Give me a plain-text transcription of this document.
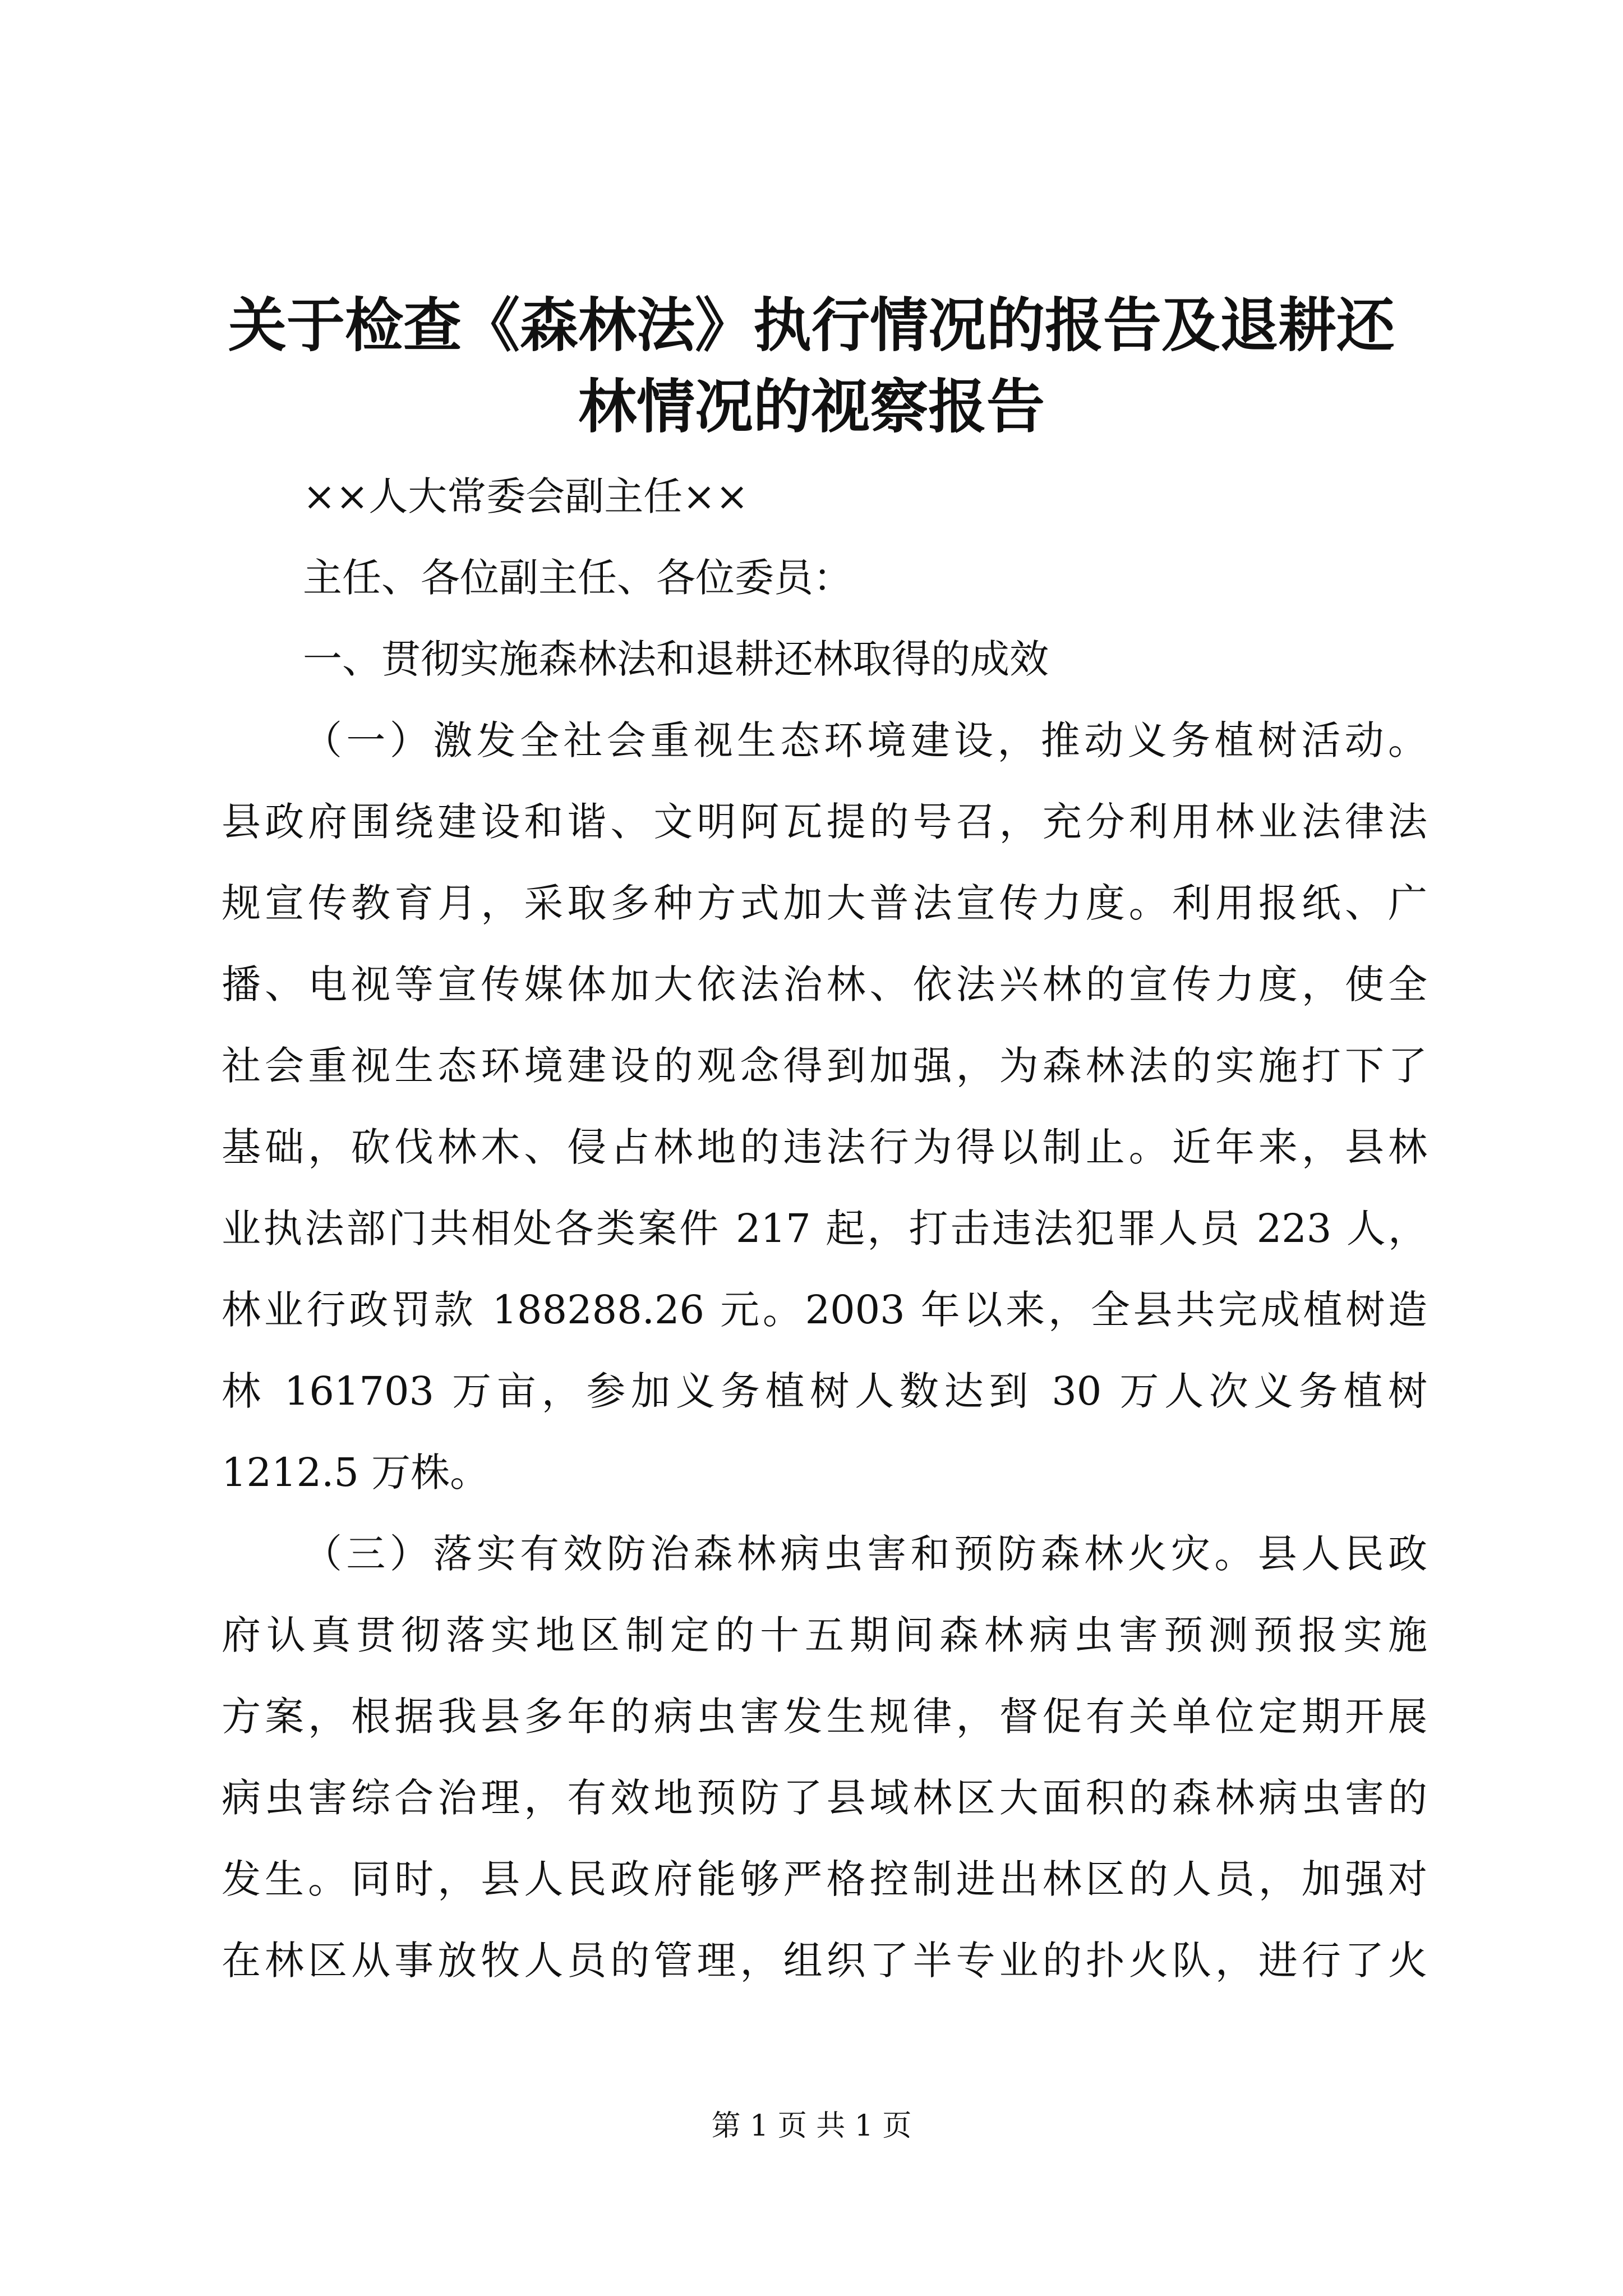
关于检查《森林法》执行情况的报告及退耕还
林情况的视察报告
××人大常委会副主任××
主任、各位副主任、各位委员：
一、贯彻实施森林法和退耕还林取得的成效
（一）激发全社会重视生态环境建设，推动义务植树活动。
县政府围绕建设和谐、文明阿瓦提的号召，充分利用林业法律法
规宣传教育月，采取多种方式加大普法宣传力度。利用报纸、广
播、电视等宣传媒体加大依法治林、依法兴林的宣传力度，使全
社会重视生态环境建设的观念得到加强，为森林法的实施打下了
基础，砍伐林木、侵占林地的违法行为得以制止。近年来，县林
业执法部门共相处各类案件 217 起，打击违法犯罪人员 223 人，
林业行政罚款 188288.26 元。2003 年以来，全县共完成植树造
林 161703 万亩，参加义务植树人数达到 30 万人次义务植树
1212.5 万株。
（三）落实有效防治森林病虫害和预防森林火灾。县人民政
府认真贯彻落实地区制定的十五期间森林病虫害预测预报实施
方案，根据我县多年的病虫害发生规律，督促有关单位定期开展
病虫害综合治理，有效地预防了县域林区大面积的森林病虫害的
发生。同时，县人民政府能够严格控制进出林区的人员，加强对
在林区从事放牧人员的管理，组织了半专业的扑火队，进行了火
第 1 页 共 1 页
